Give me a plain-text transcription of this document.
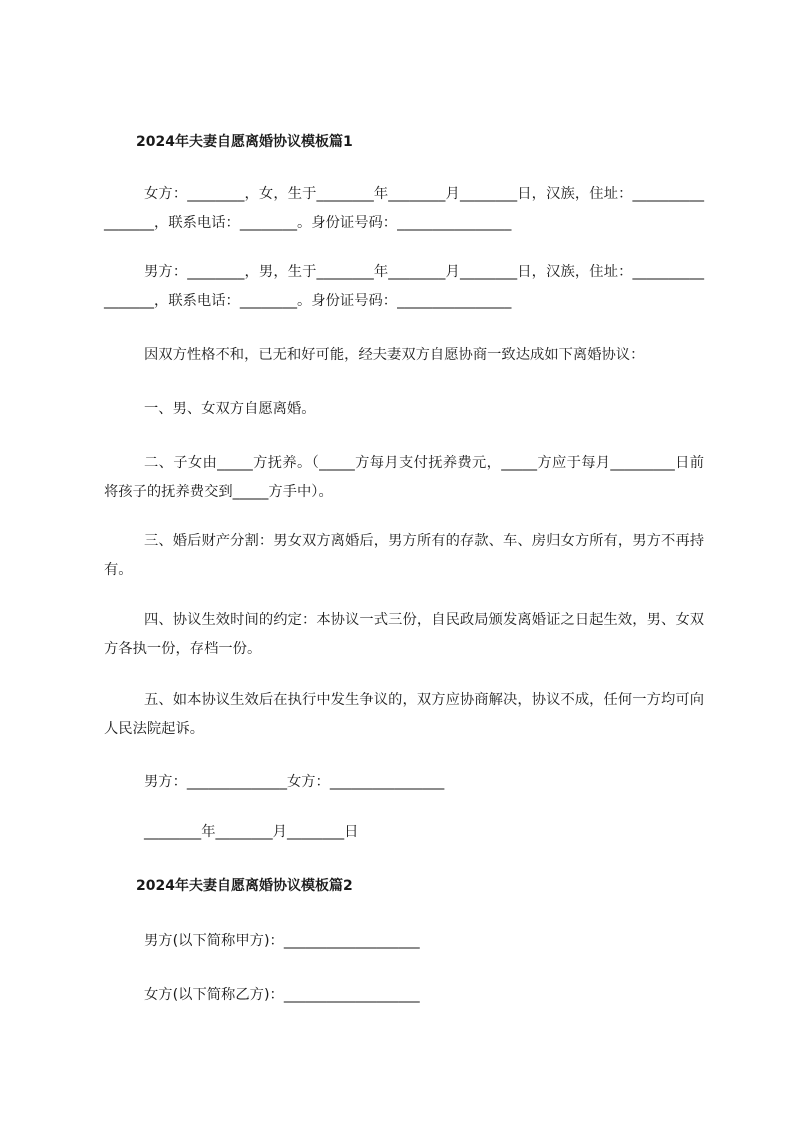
2024年夫妻自愿离婚协议模板篇1
女方：________，女，生于________年________月________日，汉族，住址：_________________，联系电话：________。身份证号码：________________
男方：________，男，生于________年________月________日，汉族，住址：_________________，联系电话：________。身份证号码：________________
因双方性格不和，已无和好可能，经夫妻双方自愿协商一致达成如下离婚协议：
一、男、女双方自愿离婚。
二、子女由_____方抚养。（_____方每月支付抚养费元，_____方应于每月_________日前将孩子的抚养费交到_____方手中）。
三、婚后财产分割：男女双方离婚后，男方所有的存款、车、房归女方所有，男方不再持有。
四、协议生效时间的约定：本协议一式三份，自民政局颁发离婚证之日起生效，男、女双方各执一份，存档一份。
五、如本协议生效后在执行中发生争议的，双方应协商解决，协议不成，任何一方均可向人民法院起诉。
男方：______________女方：________________
________年________月________日
2024年夫妻自愿离婚协议模板篇2
男方(以下简称甲方)：___________________
女方(以下简称乙方)：___________________
